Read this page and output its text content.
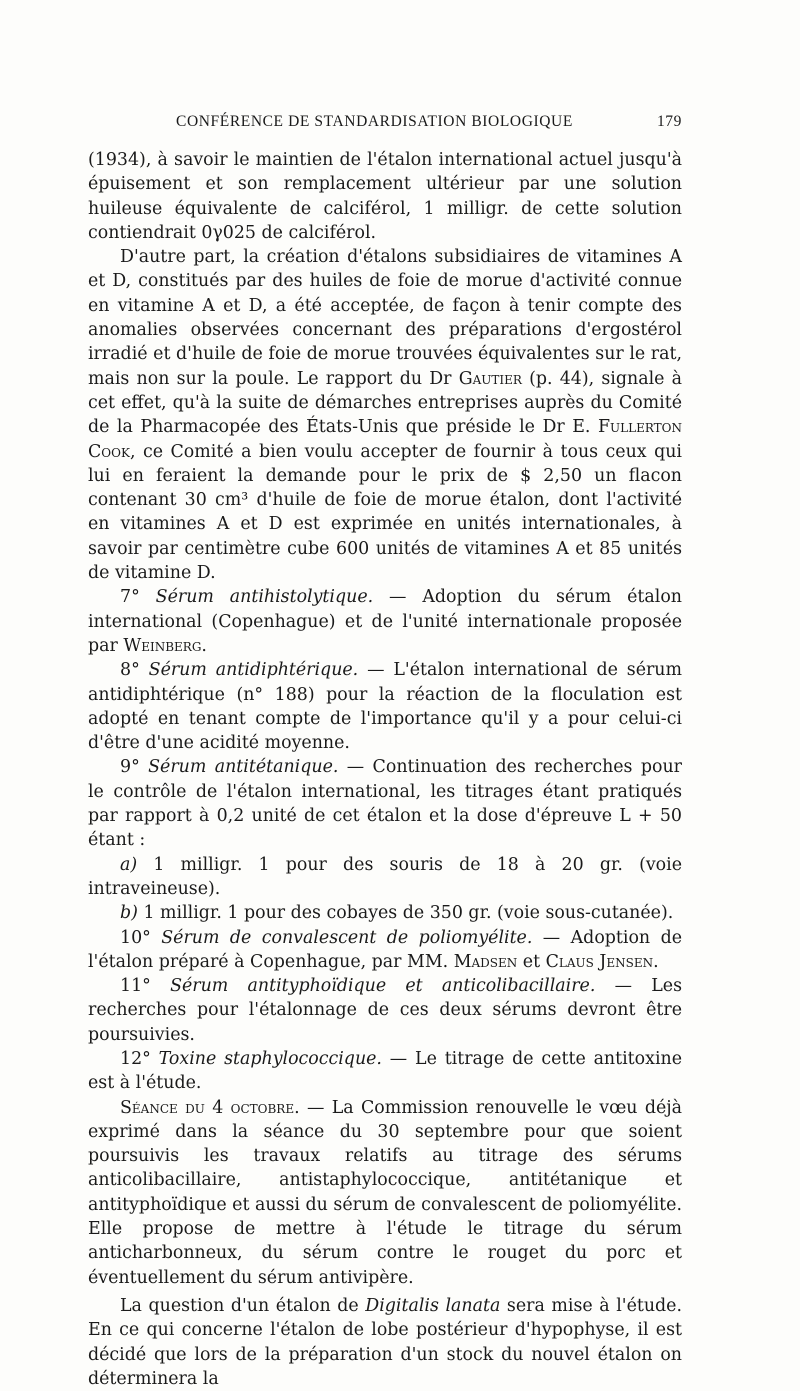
CONFÉRENCE DE STANDARDISATION BIOLOGIQUE	179

(1934), à savoir le maintien de l'étalon international actuel jusqu'à épuisement et son remplacement ultérieur par une solution huileuse équivalente de calciférol, 1 milligr. de cette solution contiendrait 0γ025 de calciférol.

D'autre part, la création d'étalons subsidiaires de vitamines A et D, constitués par des huiles de foie de morue d'activité connue en vitamine A et D, a été acceptée, de façon à tenir compte des anomalies observées concernant des préparations d'ergostérol irradié et d'huile de foie de morue trouvées équivalentes sur le rat, mais non sur la poule. Le rapport du Dr Gautier (p. 44), signale à cet effet, qu'à la suite de démarches entreprises auprès du Comité de la Pharmacopée des États-Unis que préside le Dr E. Fullerton Cook, ce Comité a bien voulu accepter de fournir à tous ceux qui lui en feraient la demande pour le prix de $ 2,50 un flacon contenant 30 cm³ d'huile de foie de morue étalon, dont l'activité en vitamines A et D est exprimée en unités internationales, à savoir par centimètre cube 600 unités de vitamines A et 85 unités de vitamine D.

7° Sérum antihistolytique. — Adoption du sérum étalon international (Copenhague) et de l'unité internationale proposée par Weinberg.

8° Sérum antidiphtérique. — L'étalon international de sérum antidiphtérique (n° 188) pour la réaction de la floculation est adopté en tenant compte de l'importance qu'il y a pour celui-ci d'être d'une acidité moyenne.

9° Sérum antitétanique. — Continuation des recherches pour le contrôle de l'étalon international, les titrages étant pratiqués par rapport à 0,2 unité de cet étalon et la dose d'épreuve L + 50 étant :

a) 1 milligr. 1 pour des souris de 18 à 20 gr. (voie intraveineuse).

b) 1 milligr. 1 pour des cobayes de 350 gr. (voie sous-cutanée).

10° Sérum de convalescent de poliomyélite. — Adoption de l'étalon préparé à Copenhague, par MM. Madsen et Claus Jensen.

11° Sérum antityphoïdique et anticolibacillaire. — Les recherches pour l'étalonnage de ces deux sérums devront être poursuivies.

12° Toxine staphylococcique. — Le titrage de cette antitoxine est à l'étude.

Séance du 4 octobre. — La Commission renouvelle le vœu déjà exprimé dans la séance du 30 septembre pour que soient poursuivis les travaux relatifs au titrage des sérums anticolibacillaire, antistaphylococcique, antitétanique et antityphoïdique et aussi du sérum de convalescent de poliomyélite. Elle propose de mettre à l'étude le titrage du sérum anticharbonneux, du sérum contre le rouget du porc et éventuellement du sérum antivipère.

La question d'un étalon de Digitalis lanata sera mise à l'étude. En ce qui concerne l'étalon de lobe postérieur d'hypophyse, il est décidé que lors de la préparation d'un stock du nouvel étalon on déterminera la
